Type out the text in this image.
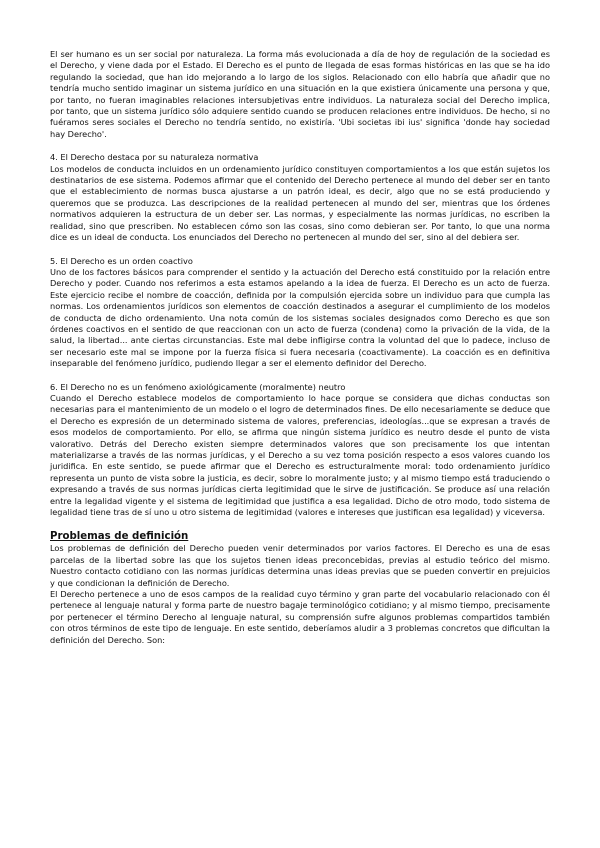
El ser humano es un ser social por naturaleza. La forma más evolucionada a día de hoy de regulación de la sociedad es el Derecho, y viene dada por el Estado. El Derecho es el punto de llegada de esas formas históricas en las que se ha ido regulando la sociedad, que han ido mejorando a lo largo de los siglos. Relacionado con ello habría que añadir que no tendría mucho sentido imaginar un sistema jurídico en una situación en la que existiera únicamente una persona y que, por tanto, no fueran imaginables relaciones intersubjetivas entre individuos. La naturaleza social del Derecho implica, por tanto, que un sistema jurídico sólo adquiere sentido cuando se producen relaciones entre individuos. De hecho, si no fuéramos seres sociales el Derecho no tendría sentido, no existiría. 'Ubi societas ibi ius' significa 'donde hay sociedad hay Derecho'.

4. El Derecho destaca por su naturaleza normativa

Los modelos de conducta incluidos en un ordenamiento jurídico constituyen comportamientos a los que están sujetos los destinatarios de ese sistema. Podemos afirmar que el contenido del Derecho pertenece al mundo del deber ser en tanto que el establecimiento de normas busca ajustarse a un patrón ideal, es decir, algo que no se está produciendo y queremos que se produzca. Las descripciones de la realidad pertenecen al mundo del ser, mientras que los órdenes normativos adquieren la estructura de un deber ser. Las normas, y especialmente las normas jurídicas, no escriben la realidad, sino que prescriben. No establecen cómo son las cosas, sino como debieran ser. Por tanto, lo que una norma dice es un ideal de conducta. Los enunciados del Derecho no pertenecen al mundo del ser, sino al del debiera ser.

5. El Derecho es un orden coactivo

Uno de los factores básicos para comprender el sentido y la actuación del Derecho está constituido por la relación entre Derecho y poder. Cuando nos referimos a esta estamos apelando a la idea de fuerza. El Derecho es un acto de fuerza. Este ejercicio recibe el nombre de coacción, definida por la compulsión ejercida sobre un individuo para que cumpla las normas. Los ordenamientos jurídicos son elementos de coacción destinados a asegurar el cumplimiento de los modelos de conducta de dicho ordenamiento. Una nota común de los sistemas sociales designados como Derecho es que son órdenes coactivos en el sentido de que reaccionan con un acto de fuerza (condena) como la privación de la vida, de la salud, la libertad... ante ciertas circunstancias. Este mal debe infligirse contra la voluntad del que lo padece, incluso de ser necesario este mal se impone por la fuerza física si fuera necesaria (coactivamente). La coacción es en definitiva inseparable del fenómeno jurídico, pudiendo llegar a ser el elemento definidor del Derecho.

6. El Derecho no es un fenómeno axiológicamente (moralmente) neutro

Cuando el Derecho establece modelos de comportamiento lo hace porque se considera que dichas conductas son necesarias para el mantenimiento de un modelo o el logro de determinados fines. De ello necesariamente se deduce que el Derecho es expresión de un determinado sistema de valores, preferencias, ideologías...que se expresan a través de esos modelos de comportamiento. Por ello, se afirma que ningún sistema jurídico es neutro desde el punto de vista valorativo. Detrás del Derecho existen siempre determinados valores que son precisamente los que intentan materializarse a través de las normas jurídicas, y el Derecho a su vez toma posición respecto a esos valores cuando los juridifica. En este sentido, se puede afirmar que el Derecho es estructuralmente moral: todo ordenamiento jurídico representa un punto de vista sobre la justicia, es decir, sobre lo moralmente justo; y al mismo tiempo está traduciendo o expresando a través de sus normas jurídicas cierta legitimidad que le sirve de justificación. Se produce así una relación entre la legalidad vigente y el sistema de legitimidad que justifica a esa legalidad. Dicho de otro modo, todo sistema de legalidad tiene tras de sí uno u otro sistema de legitimidad (valores e intereses que justifican esa legalidad) y viceversa.

Problemas de definición

Los problemas de definición del Derecho pueden venir determinados por varios factores. El Derecho es una de esas parcelas de la libertad sobre las que los sujetos tienen ideas preconcebidas, previas al estudio teórico del mismo. Nuestro contacto cotidiano con las normas jurídicas determina unas ideas previas que se pueden convertir en prejuicios y que condicionan la definición de Derecho.

El Derecho pertenece a uno de esos campos de la realidad cuyo término y gran parte del vocabulario relacionado con él pertenece al lenguaje natural y forma parte de nuestro bagaje terminológico cotidiano; y al mismo tiempo, precisamente por pertenecer el término Derecho al lenguaje natural, su comprensión sufre algunos problemas compartidos también con otros términos de este tipo de lenguaje. En este sentido, deberíamos aludir a 3 problemas concretos que dificultan la definición del Derecho. Son:
